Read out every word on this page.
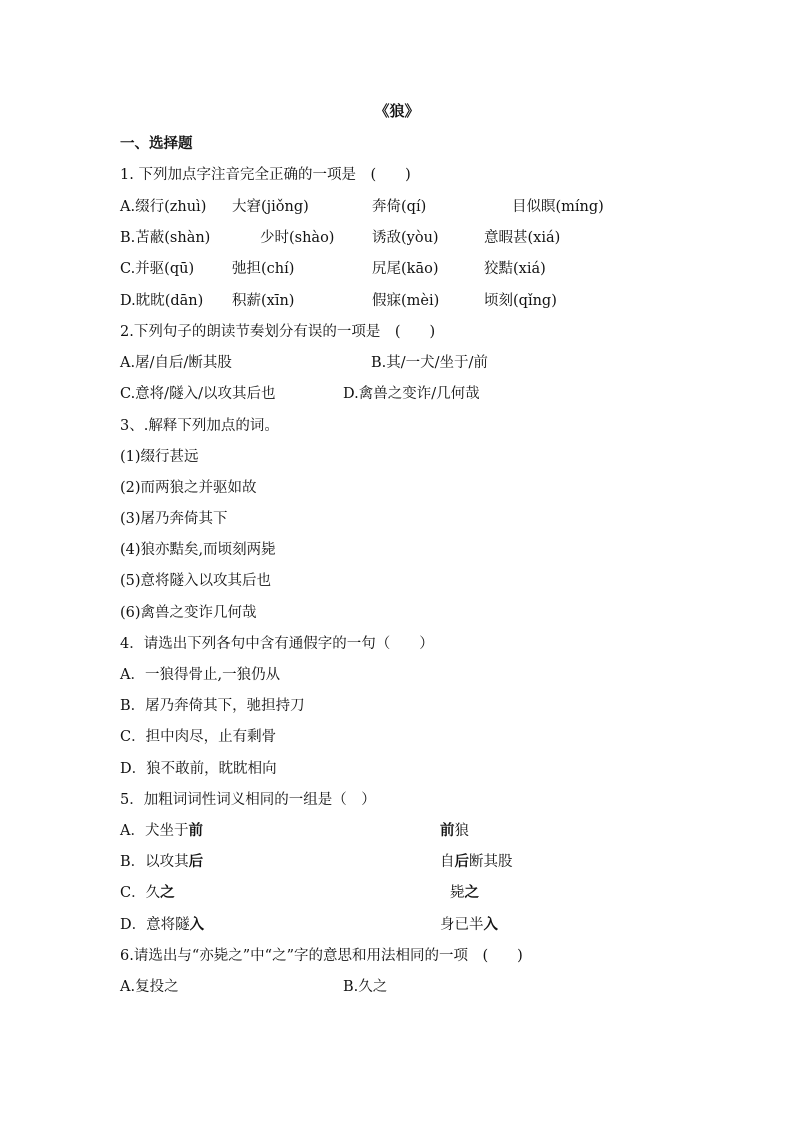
《狼》
一、选择题
1. 下列加点字注音完全正确的一项是　(　　)
A.缀行(zhuì) 大窘(jiǒng)	奔倚(qí)	目似瞑(míng)
B.苫蔽(shàn)	少时(shào)	诱敌(yòu)	意暇甚(xiá)
C.并驱(qū)	弛担(chí)	尻尾(kāo)	狡黠(xiá)
D.眈眈(dān) 积薪(xīn)	假寐(mèi)	顷刻(qǐng)
2.下列句子的朗读节奏划分有误的一项是　(　　)
A.屠/自后/断其股	B.其/一犬/坐于/前
C.意将/隧入/以攻其后也	D.禽兽之变诈/几何哉
3、.解释下列加点的词。
(1)缀行甚远
(2)而两狼之并驱如故
(3)屠乃奔倚其下
(4)狼亦黠矣,而顷刻两毙
(5)意将隧入以攻其后也
(6)禽兽之变诈几何哉
4．请选出下列各句中含有通假字的一句（　　）
A．一狼得骨止,一狼仍从
B．屠乃奔倚其下，驰担持刀
C．担中肉尽，止有剩骨
D．狼不敢前，眈眈相向
5．加粗词词性词义相同的一组是（　）
A．犬坐于前	前狼
B．以攻其后	自后断其股
C．久之	毙之
D．意将隧入	身已半入
6.请选出与“亦毙之”中“之”字的意思和用法相同的一项　(　　)
A.复投之	B.久之
